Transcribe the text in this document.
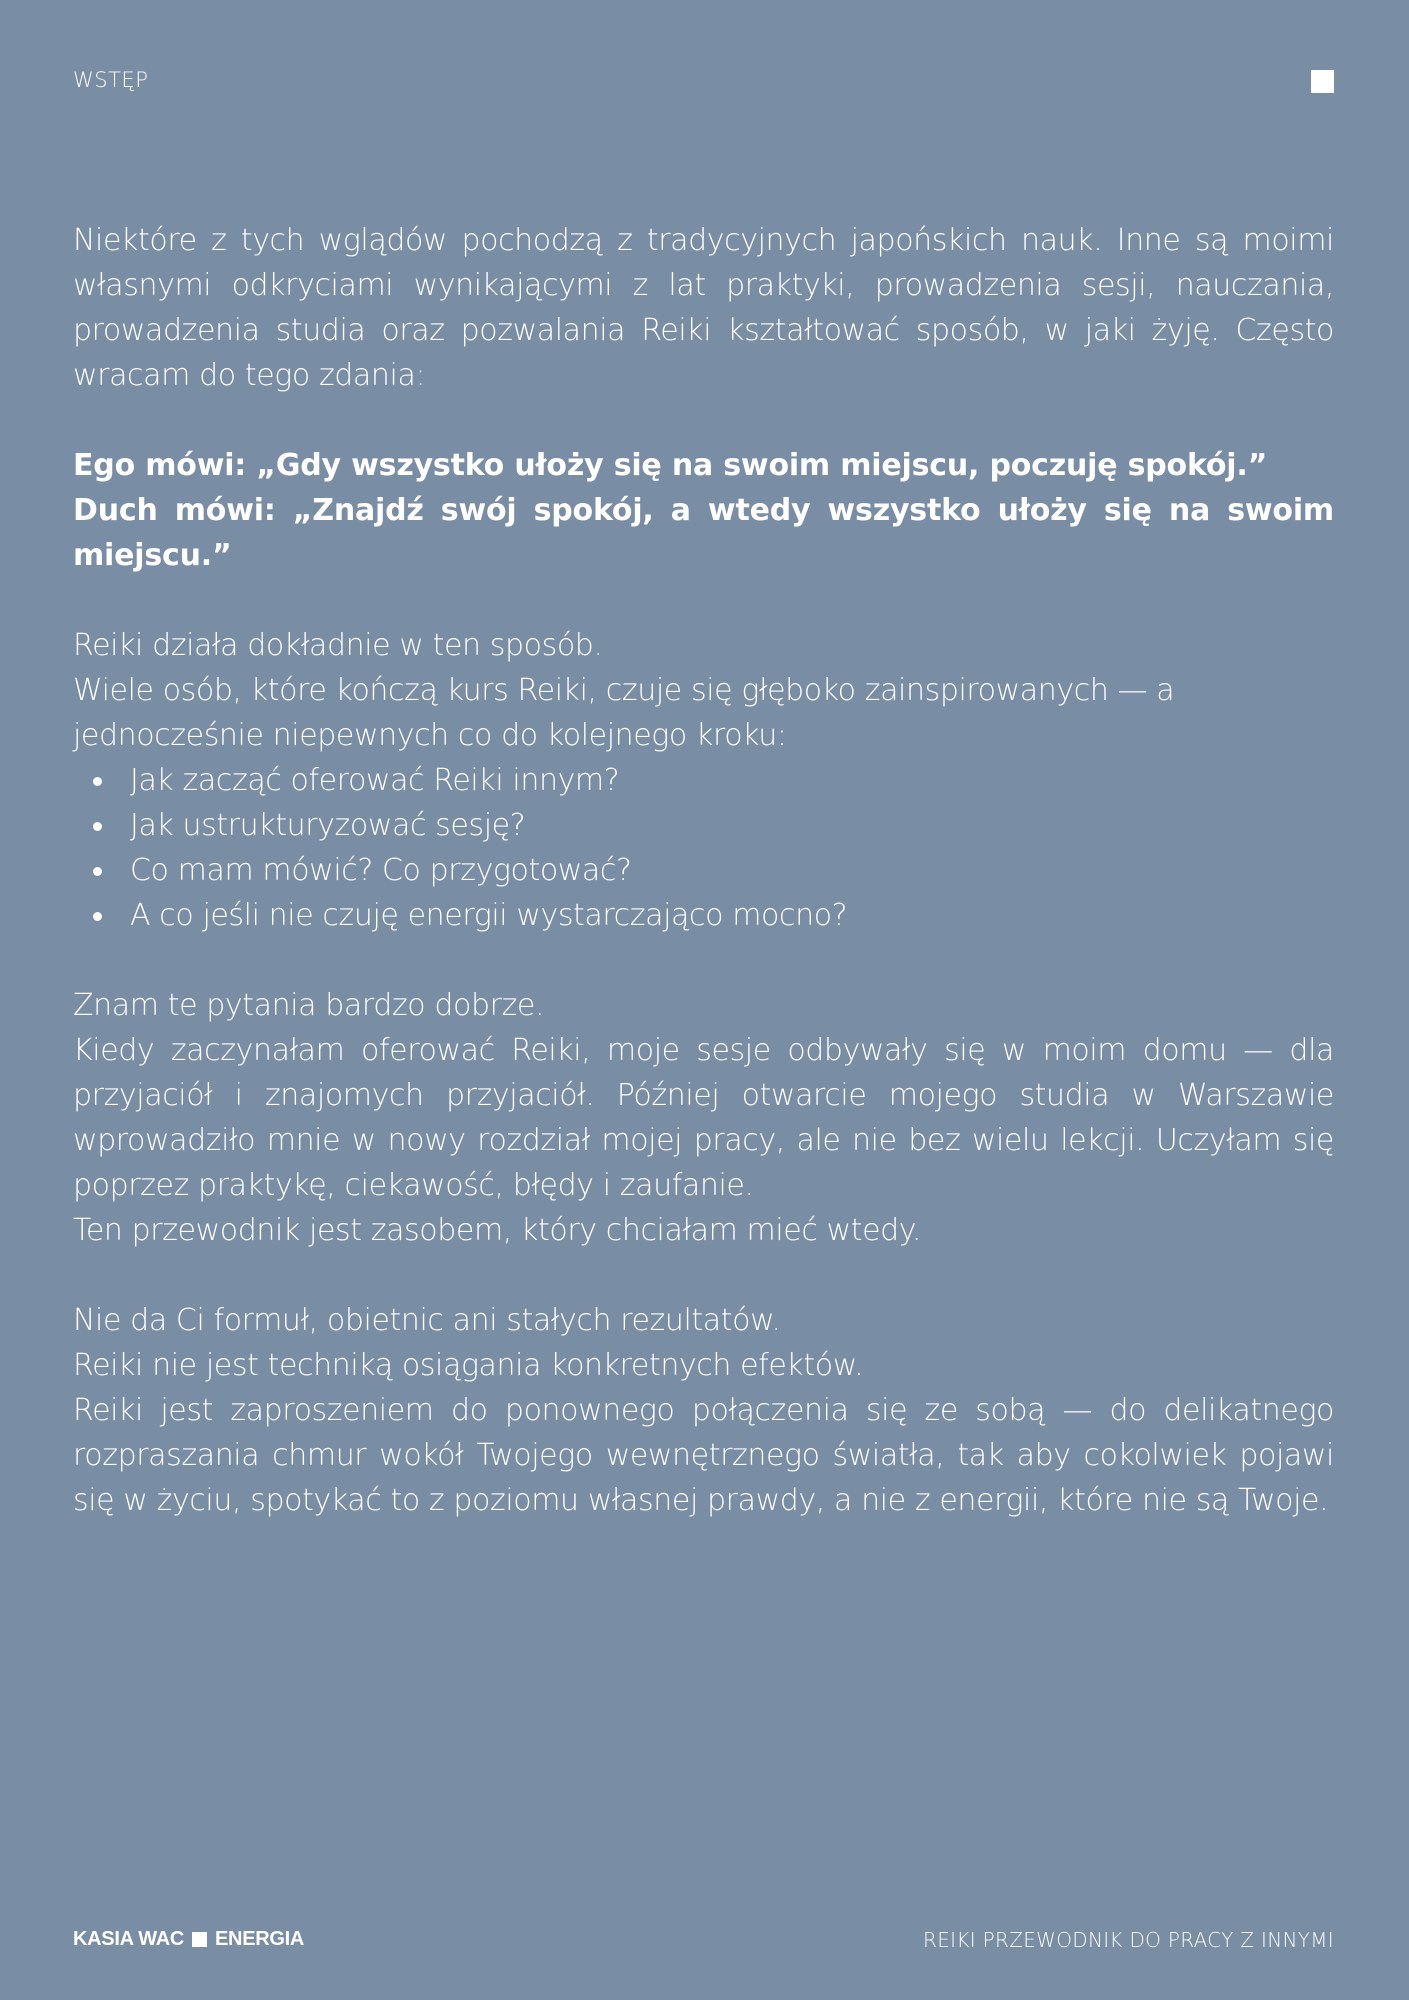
WSTĘP

Niektóre z tych wglądów pochodzą z tradycyjnych japońskich nauk. Inne są moimi własnymi odkryciami wynikającymi z lat praktyki, prowadzenia sesji, nauczania, prowadzenia studia oraz pozwalania Reiki kształtować sposób, w jaki żyję. Często wracam do tego zdania:

Ego mówi: „Gdy wszystko ułoży się na swoim miejscu, poczuję spokój.”

Duch mówi: „Znajdź swój spokój, a wtedy wszystko ułoży się na swoim miejscu.”

Reiki działa dokładnie w ten sposób.

Wiele osób, które kończą kurs Reiki, czuje się głęboko zainspirowanych — a jednocześnie niepewnych co do kolejnego kroku:

Jak zacząć oferować Reiki innym?
Jak ustrukturyzować sesję?
Co mam mówić? Co przygotować?
A co jeśli nie czuję energii wystarczająco mocno?

Znam te pytania bardzo dobrze.

Kiedy zaczynałam oferować Reiki, moje sesje odbywały się w moim domu — dla przyjaciół i znajomych przyjaciół. Później otwarcie mojego studia w Warszawie wprowadziło mnie w nowy rozdział mojej pracy, ale nie bez wielu lekcji. Uczyłam się poprzez praktykę, ciekawość, błędy i zaufanie.

Ten przewodnik jest zasobem, który chciałam mieć wtedy.

Nie da Ci formuł, obietnic ani stałych rezultatów.

Reiki nie jest techniką osiągania konkretnych efektów.

Reiki jest zaproszeniem do ponownego połączenia się ze sobą — do delikatnego rozpraszania chmur wokół Twojego wewnętrznego światła, tak aby cokolwiek pojawi się w życiu, spotykać to z poziomu własnej prawdy, a nie z energii, które nie są Twoje.

KASIA WAC ENERGIA	REIKI PRZEWODNIK DO PRACY Z INNYMI
